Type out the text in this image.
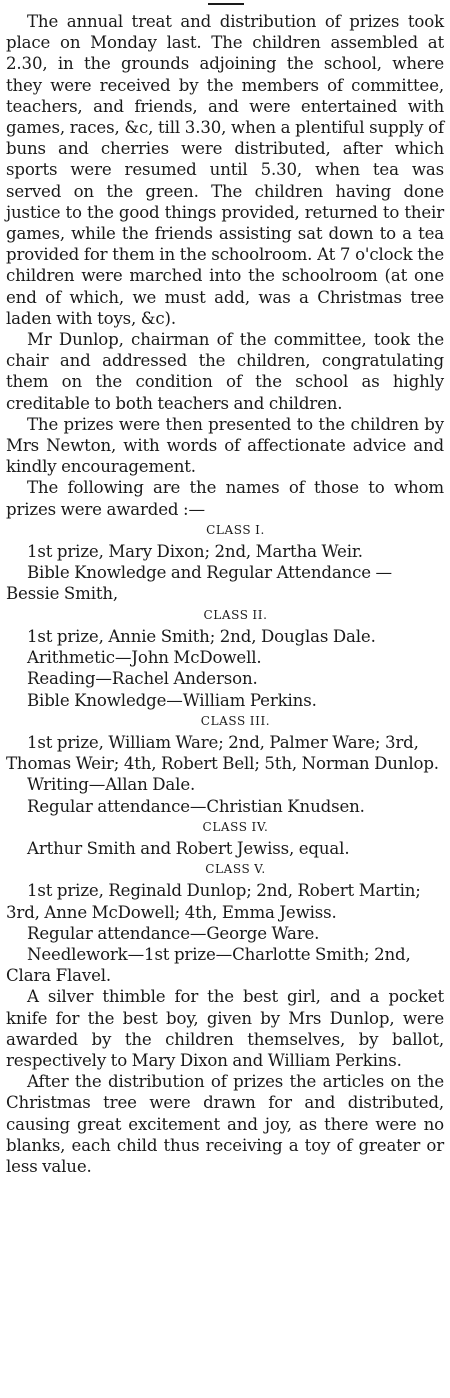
The annual treat and distribution of prizes took place on Monday last. The children assembled at 2.30, in the grounds adjoining the school, where they were received by the members of committee, teachers, and friends, and were entertained with games, races, &c, till 3.30, when a plentiful supply of buns and cherries were distributed, after which sports were resumed until 5.30, when tea was served on the green. The children having done justice to the good things provided, returned to their games, while the friends assisting sat down to a tea provided for them in the schoolroom. At 7 o'clock the children were marched into the schoolroom (at one end of which, we must add, was a Christmas tree laden with toys, &c).

Mr Dunlop, chairman of the committee, took the chair and addressed the children, congratulating them on the condition of the school as highly creditable to both teachers and children.

The prizes were then presented to the children by Mrs Newton, with words of affectionate advice and kindly encouragement.

The following are the names of those to whom prizes were awarded :—

CLASS I.

1st prize, Mary Dixon; 2nd, Martha Weir.

Bible Knowledge and Regular Attendance —Bessie Smith,

CLASS II.

1st prize, Annie Smith; 2nd, Douglas Dale.

Arithmetic—John McDowell.

Reading—Rachel Anderson.

Bible Knowledge—William Perkins.

CLASS III.

1st prize, William Ware; 2nd, Palmer Ware; 3rd, Thomas Weir; 4th, Robert Bell; 5th, Norman Dunlop.

Writing—Allan Dale.

Regular attendance—Christian Knudsen.

CLASS IV.

Arthur Smith and Robert Jewiss, equal.

CLASS V.

1st prize, Reginald Dunlop; 2nd, Robert Martin; 3rd, Anne McDowell; 4th, Emma Jewiss.

Regular attendance—George Ware.

Needlework—1st prize—Charlotte Smith; 2nd, Clara Flavel.

A silver thimble for the best girl, and a pocket knife for the best boy, given by Mrs Dunlop, were awarded by the children themselves, by ballot, respectively to Mary Dixon and William Perkins.

After the distribution of prizes the articles on the Christmas tree were drawn for and distributed, causing great excitement and joy, as there were no blanks, each child thus receiving a toy of greater or less value.
